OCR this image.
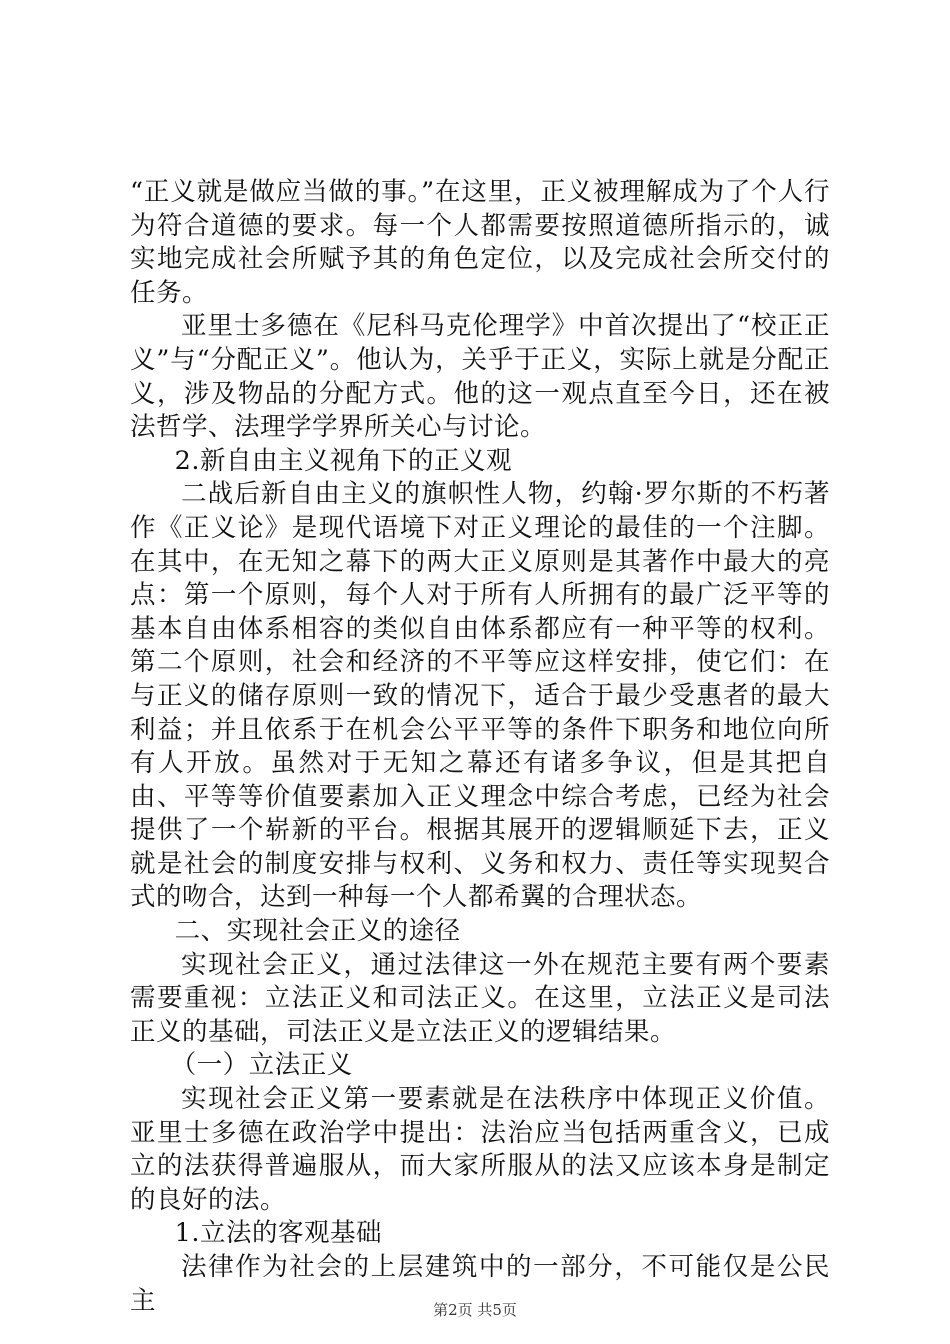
“正义就是做应当做的事。”在这里，正义被理解成为了个人行为符合道德的要求。每一个人都需要按照道德所指示的，诚实地完成社会所赋予其的角色定位，以及完成社会所交付的任务。

亚里士多德在《尼科马克伦理学》中首次提出了“校正正义”与“分配正义”。他认为，关乎于正义，实际上就是分配正义，涉及物品的分配方式。他的这一观点直至今日，还在被法哲学、法理学学界所关心与讨论。

2.新自由主义视角下的正义观

二战后新自由主义的旗帜性人物，约翰·罗尔斯的不朽著作《正义论》是现代语境下对正义理论的最佳的一个注脚。在其中，在无知之幕下的两大正义原则是其著作中最大的亮点：第一个原则，每个人对于所有人所拥有的最广泛平等的基本自由体系相容的类似自由体系都应有一种平等的权利。第二个原则，社会和经济的不平等应这样安排，使它们：在与正义的储存原则一致的情况下，适合于最少受惠者的最大利益；并且依系于在机会公平平等的条件下职务和地位向所有人开放。虽然对于无知之幕还有诸多争议，但是其把自由、平等等价值要素加入正义理念中综合考虑，已经为社会提供了一个崭新的平台。根据其展开的逻辑顺延下去，正义就是社会的制度安排与权利、义务和权力、责任等实现契合式的吻合，达到一种每一个人都希翼的合理状态。

二、实现社会正义的途径

实现社会正义，通过法律这一外在规范主要有两个要素需要重视：立法正义和司法正义。在这里，立法正义是司法正义的基础，司法正义是立法正义的逻辑结果。

（一）立法正义

实现社会正义第一要素就是在法秩序中体现正义价值。亚里士多德在政治学中提出：法治应当包括两重含义，已成立的法获得普遍服从，而大家所服从的法又应该本身是制定的良好的法。

1.立法的客观基础

法律作为社会的上层建筑中的一部分，不可能仅是公民主	第2页 共5页
